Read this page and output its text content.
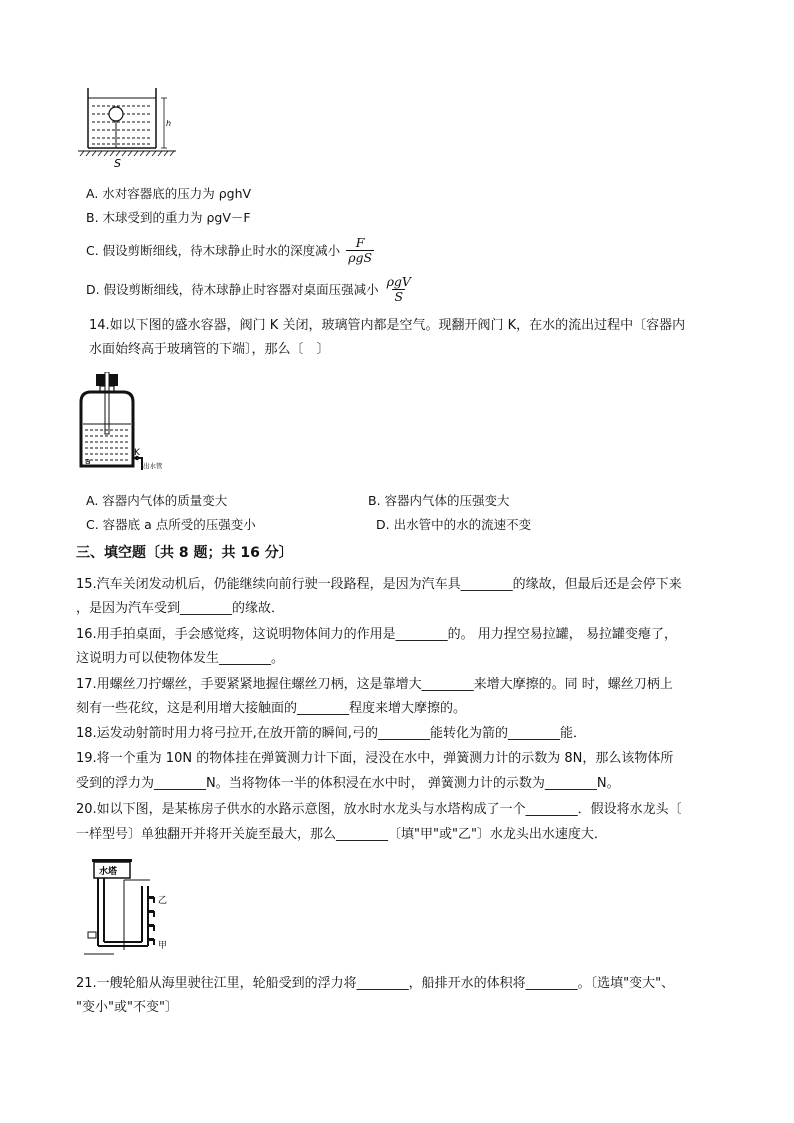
h
S
A. 水对容器底的压力为 ρghV
B. 木球受到的重力为 ρgV－F
C. 假设剪断细线，待木球静止时水的深度减小 $\frac{F}{\text{ρgS}}$
D. 假设剪断细线，待木球静止时容器对桌面压强减小 $\frac{\text{ρgV}}{S}$
14.如以下图的盛水容器，阀门 K 关闭，玻璃管内都是空气。现翻开阀门 K，在水的流出过程中〔容器内
水面始终高于玻璃管的下端〕，那么〔　〕
K
a	出水管
A. 容器内气体的质量变大	B. 容器内气体的压强变大
C. 容器底 a 点所受的压强变小	D. 出水管中的水的流速不变
三、填空题〔共 8 题；共 16 分〕
15.汽车关闭发动机后，仍能继续向前行驶一段路程，是因为汽车具________的缘故，但最后还是会停下来
，是因为汽车受到________的缘故．
16.用手拍桌面，手会感觉疼，这说明物体间力的作用是________的。 用力捏空易拉罐， 易拉罐变瘪了，
这说明力可以使物体发生________。
17.用螺丝刀拧螺丝，手要紧紧地握住螺丝刀柄，这是靠增大________来增大摩擦的。同 时，螺丝刀柄上
刻有一些花纹，这是利用增大接触面的________程度来增大摩擦的。
18.运发动射箭时用力将弓拉开,在放开箭的瞬间,弓的________能转化为箭的________能．
19.将一个重为 10N 的物体挂在弹簧测力计下面，浸没在水中，弹簧测力计的示数为 8N，那么该物体所
受到的浮力为________N。当将物体一半的体积浸在水中时， 弹簧测力计的示数为________N。
20.如以下图，是某栋房子供水的水路示意图，放水时水龙头与水塔构成了一个________．假设将水龙头〔
一样型号〕单独翻开并将开关旋至最大，那么________〔填"甲"或"乙"〕水龙头出水速度大．
水塔
乙
甲
21.一艘轮船从海里驶往江里，轮船受到的浮力将________，船排开水的体积将________。〔选填"变大"、
"变小"或"不变"〕
